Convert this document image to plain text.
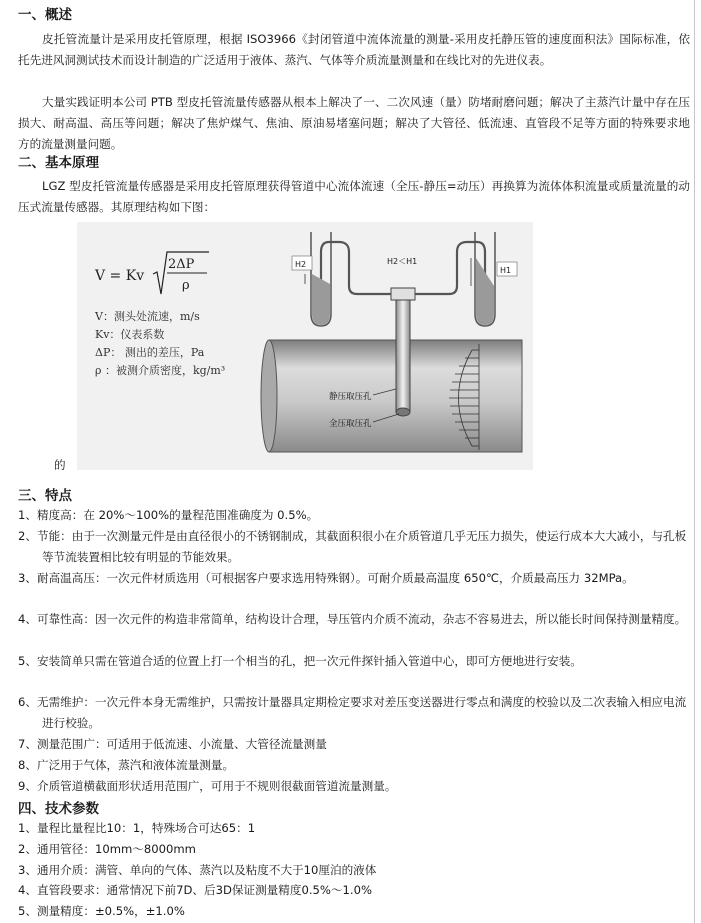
一、概述

皮托管流量计是采用皮托管原理，根据 ISO3966《封闭管道中流体流量的测量-采用皮托静压管的速度面积法》国际标准，依托先进风洞测试技术而设计制造的广泛适用于液体、蒸汽、气体等介质流量测量和在线比对的先进仪表。

大量实践证明本公司 PTB 型皮托管流量传感器从根本上解决了一、二次风速（量）防堵耐磨问题；解决了主蒸汽计量中存在压损大、耐高温、高压等问题；解决了焦炉煤气、焦油、原油易堵塞问题；解决了大管径、低流速、直管段不足等方面的特殊要求地方的流量测量问题。

二、基本原理

LGZ 型皮托管流量传感器是采用皮托管原理获得管道中心流体流速（全压-静压=动压）再换算为流体体积流量或质量流量的动压式流量传感器。其原理结构如下图：

V = Kv
2ΔP
ρ
V：测头处流速，m/s
Kv：仪表系数
ΔP： 测出的差压，Pa
ρ ：被测介质密度，kg/m³
H2
H1
H2＜H1
静压取压孔
全压取压孔
的
三、特点
1、精度高：在 20%～100%的量程范围准确度为 0.5%。
2、节能：由于一次测量元件是由直径很小的不锈钢制成，其截面积很小在介质管道几乎无压力损失，使运行成本大大减小，与孔板等节流装置相比较有明显的节能效果。
3、耐高温高压：一次元件材质选用（可根据客户要求选用特殊钢）。可耐介质最高温度 650℃，介质最高压力 32MPa。
4、可靠性高：因一次元件的构造非常简单，结构设计合理，导压管内介质不流动，杂志不容易进去，所以能长时间保持测量精度。
5、安装简单只需在管道合适的位置上打一个相当的孔，把一次元件探针插入管道中心，即可方便地进行安装。
6、无需维护：一次元件本身无需维护，只需按计量器具定期检定要求对差压变送器进行零点和满度的校验以及二次表输入相应电流进行校验。
7、测量范围广：可适用于低流速、小流量、大管径流量测量
8、广泛用于气体，蒸汽和液体流量测量。
9、介质管道横截面形状适用范围广，可用于不规则很截面管道流量测量。
四、技术参数
1、量程比量程比10：1，特殊场合可达65：1
2、通用管径：10mm～8000mm
3、通用介质：满管、单向的气体、蒸汽以及粘度不大于10厘泊的液体
4、直管段要求：通常情况下前7D、后3D保证测量精度0.5%～1.0%
5、测量精度：±0.5%，±1.0%
